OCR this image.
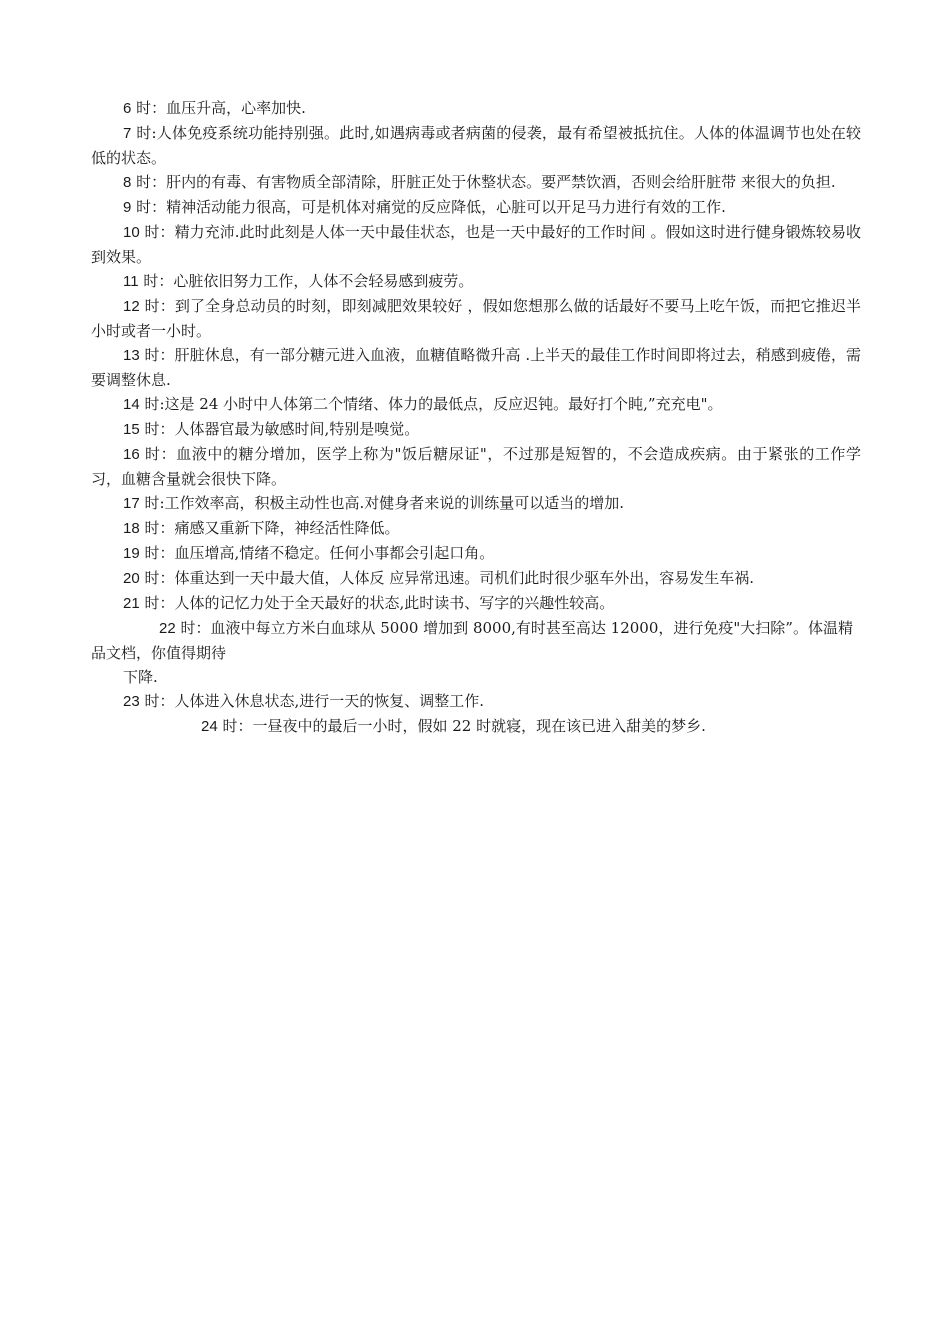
6 时：血压升高，心率加快.

7 时:人体免疫系统功能持别强。此时,如遇病毒或者病菌的侵袭，最有希望被抵抗住。人体的体温调节也处在较低的状态。

8 时：肝内的有毒、有害物质全部清除，肝脏正处于休整状态。要严禁饮酒，否则会给肝脏带 来很大的负担.

9 时：精神活动能力很高，可是机体对痛觉的反应降低，心脏可以开足马力进行有效的工作.

10 时：精力充沛.此时此刻是人体一天中最佳状态，也是一天中最好的工作时间 。假如这时进行健身锻炼较易收到效果。

11 时：心脏依旧努力工作，人体不会轻易感到疲劳。

12 时：到了全身总动员的时刻，即刻减肥效果较好 ，假如您想那么做的话最好不要马上吃午饭，而把它推迟半小时或者一小时。

13 时：肝脏休息，有一部分糖元进入血液，血糖值略微升高 .上半天的最佳工作时间即将过去，稍感到疲倦，需要调整休息.

14 时:这是 24 小时中人体第二个情绪、体力的最低点，反应迟钝。最好打个盹,”充充电"。

15 时：人体器官最为敏感时间,特别是嗅觉。

16 时：血液中的糖分增加，医学上称为"饭后糖尿证"，不过那是短智的，不会造成疾病。由于紧张的工作学习，血糖含量就会很快下降。

17 时:工作效率高，积极主动性也高.对健身者来说的训练量可以适当的增加.

18 时：痛感又重新下降，神经活性降低。

19 时：血压增高,情绪不稳定。任何小事都会引起口角。

20 时：体重达到一天中最大值，人体反 应异常迅速。司机们此时很少驱车外出，容易发生车祸.

21 时：人体的记忆力处于全天最好的状态,此时读书、写字的兴趣性较高。

22 时：血液中每立方米白血球从 5000 增加到 8000,有时甚至高达 12000，进行免疫"大扫除”。体温精品文档，你值得期待

下降.

23 时：人体进入休息状态,进行一天的恢复、调整工作.

24 时：一昼夜中的最后一小时，假如 22 时就寝，现在该已进入甜美的梦乡.
